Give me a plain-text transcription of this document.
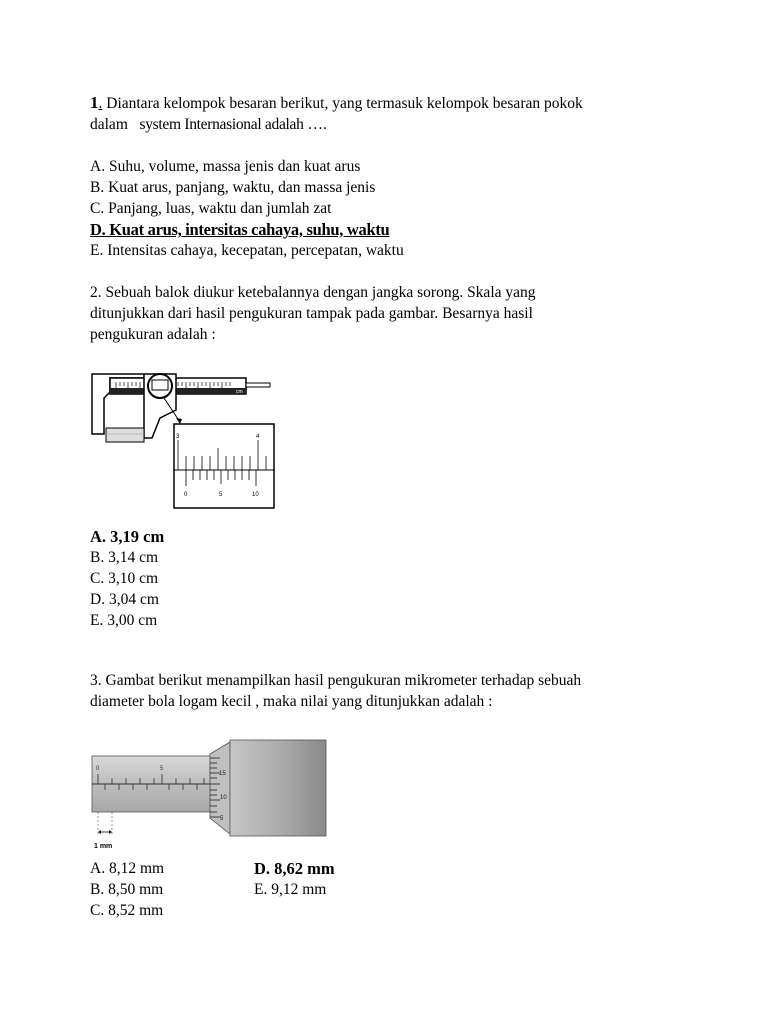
1. Diantara kelompok besaran berikut, yang termasuk kelompok besaran pokok
dalam   system Internasional adalah ….
A. Suhu, volume, massa jenis dan kuat arus
B. Kuat arus, panjang, waktu, dan massa jenis
C. Panjang, luas, waktu dan jumlah zat
D. Kuat arus, intersitas cahaya, suhu, waktu
E. Intensitas cahaya, kecepatan, percepatan, waktu
2. Sebuah balok diukur ketebalannya dengan jangka sorong. Skala yang
ditunjukkan dari hasil pengukuran tampak pada gambar. Besarnya hasil
pengukuran adalah :
cm
3	4
0	5	10
A. 3,19 cm
B. 3,14 cm
C. 3,10 cm
D. 3,04 cm
E. 3,00 cm
3. Gambat berikut menampilkan hasil pengukuran mikrometer terhadap sebuah
diameter bola logam kecil , maka nilai yang ditunjukkan adalah :
0	5
15
10
5
1 mm
A. 8,12 mm
B. 8,50 mm
C. 8,52 mm
D. 8,62 mm
E. 9,12 mm
